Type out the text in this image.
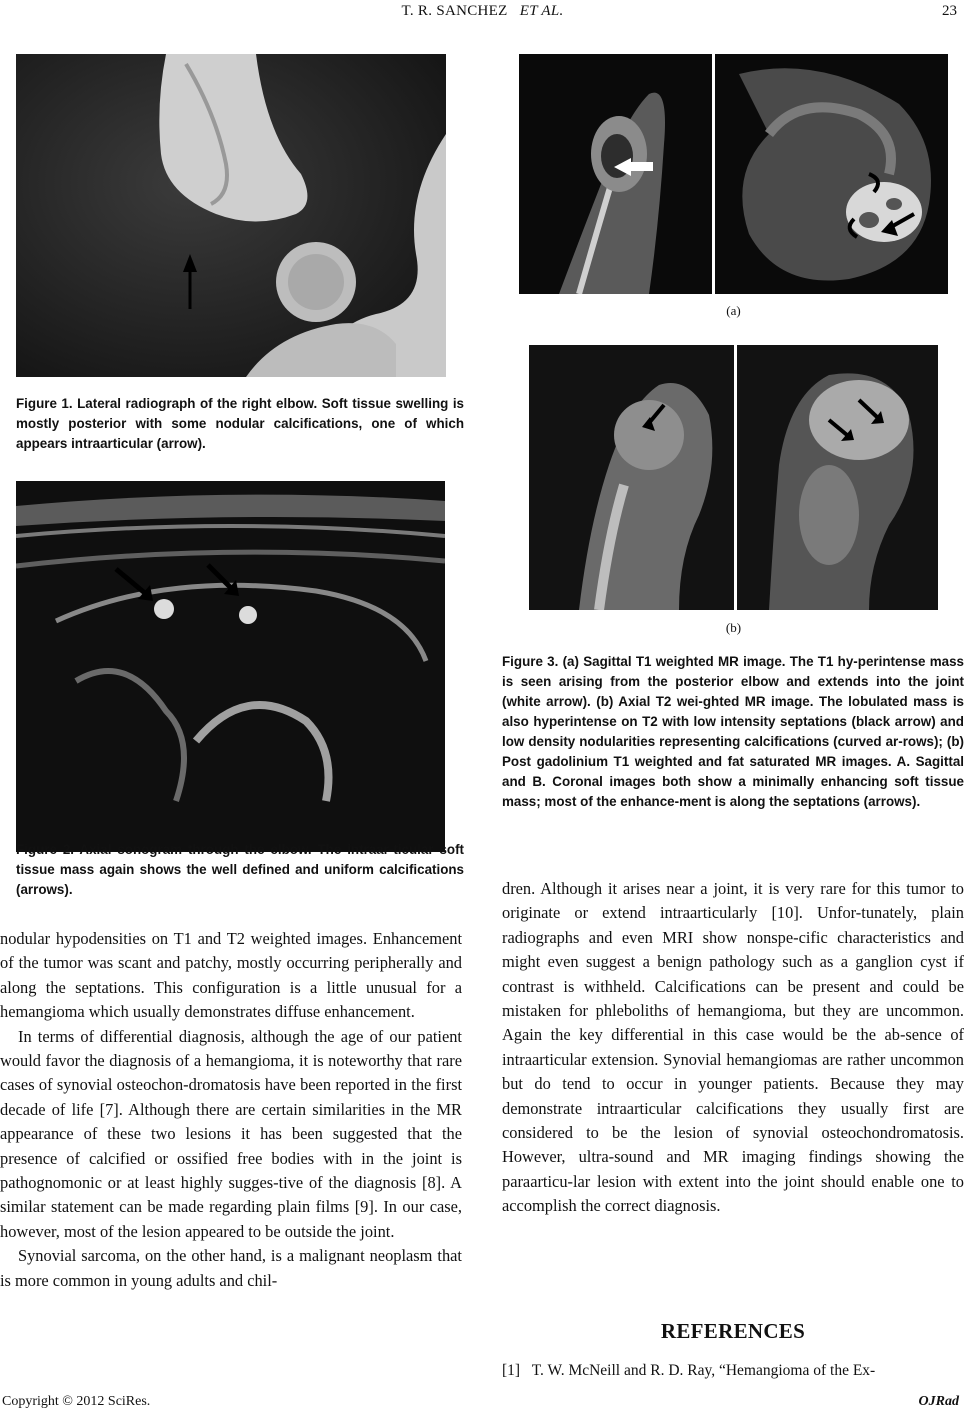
T. R. SANCHEZ ET AL.	23
Figure 1. Lateral radiograph of the right elbow. Soft tissue swelling is mostly posterior with some nodular calcifications, one of which appears intraarticular (arrow).
Figure 2. Axial sonogram through the elbow. The intraar-ticular soft tissue mass again shows the well defined and uniform calcifications (arrows).

nodular hypodensities on T1 and T2 weighted images. Enhancement of the tumor was scant and patchy, mostly occurring peripherally and along the septations. This configuration is a little unusual for a hemangioma which usually demonstrates diffuse enhancement.

In terms of differential diagnosis, although the age of our patient would favor the diagnosis of a hemangioma, it is noteworthy that rare cases of synovial osteochon-dromatosis have been reported in the first decade of life [7]. Although there are certain similarities in the MR appearance of these two lesions it has been suggested that the presence of calcified or ossified free bodies with in the joint is pathognomonic or at least highly sugges-tive of the diagnosis [8]. A similar statement can be made regarding plain films [9]. In our case, however, most of the lesion appeared to be outside the joint.

Synovial sarcoma, on the other hand, is a malignant neoplasm that is more common in young adults and chil-

(a)
(b)
Figure 3. (a) Sagittal T1 weighted MR image. The T1 hy-perintense mass is seen arising from the posterior elbow and extends into the joint (white arrow). (b) Axial T2 wei-ghted MR image. The lobulated mass is also hyperintense on T2 with low intensity septations (black arrow) and low density nodularities representing calcifications (curved ar-rows); (b) Post gadolinium T1 weighted and fat saturated MR images. A. Sagittal and B. Coronal images both show a minimally enhancing soft tissue mass; most of the enhance-ment is along the septations (arrows).

dren. Although it arises near a joint, it is very rare for this tumor to originate or extend intraarticularly [10]. Unfor-tunately, plain radiographs and even MRI show nonspe-cific characteristics and might even suggest a benign pathology such as a ganglion cyst if contrast is withheld. Calcifications can be present and could be mistaken for phleboliths of hemangioma, but they are uncommon. Again the key differential in this case would be the ab-sence of intraarticular extension. Synovial hemangiomas are rather uncommon but do tend to occur in younger patients. Because they may demonstrate intraarticular calcifications they usually first are considered to be the lesion of synovial osteochondromatosis. However, ultra-sound and MR imaging findings showing the paraarticu-lar lesion with extent into the joint should enable one to accomplish the correct diagnosis.

REFERENCES
[1] T. W. McNeill and R. D. Ray, “Hemangioma of the Ex-
Copyright © 2012 SciRes.	OJRad
